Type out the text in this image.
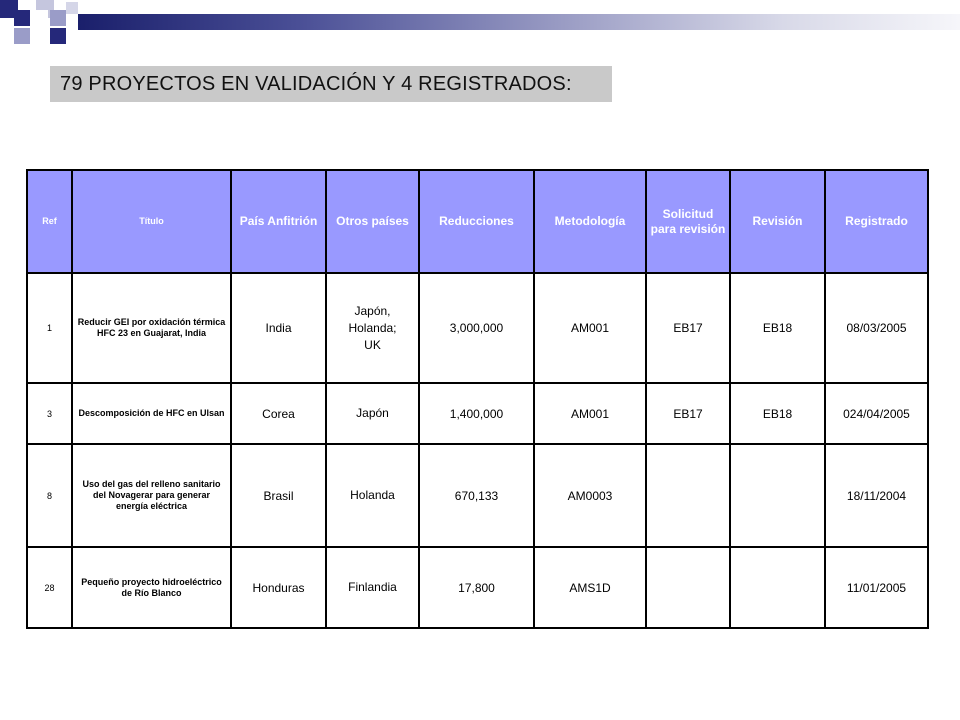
79 PROYECTOS EN VALIDACIÓN Y 4 REGISTRADOS:
Ref	Título	País Anfitrión	Otros países	Reducciones	Metodología	Solicitud para revisión	Revisión	Registrado
1	Reducir GEI por oxidación térmica HFC 23 en Guajarat, India	India	Japón,
Holanda;
UK	3,000,000	AM001	EB17	EB18	08/03/2005
3	Descomposición de HFC en Ulsan	Corea	Japón	1,400,000	AM001	EB17	EB18	024/04/2005
8	Uso del gas del relleno sanitario del Novagerar para generar energía eléctrica	Brasil	Holanda	670,133	AM0003			18/11/2004
28	Pequeño proyecto hidroeléctrico de Río Blanco	Honduras	Finlandia	17,800	AMS1D			11/01/2005
